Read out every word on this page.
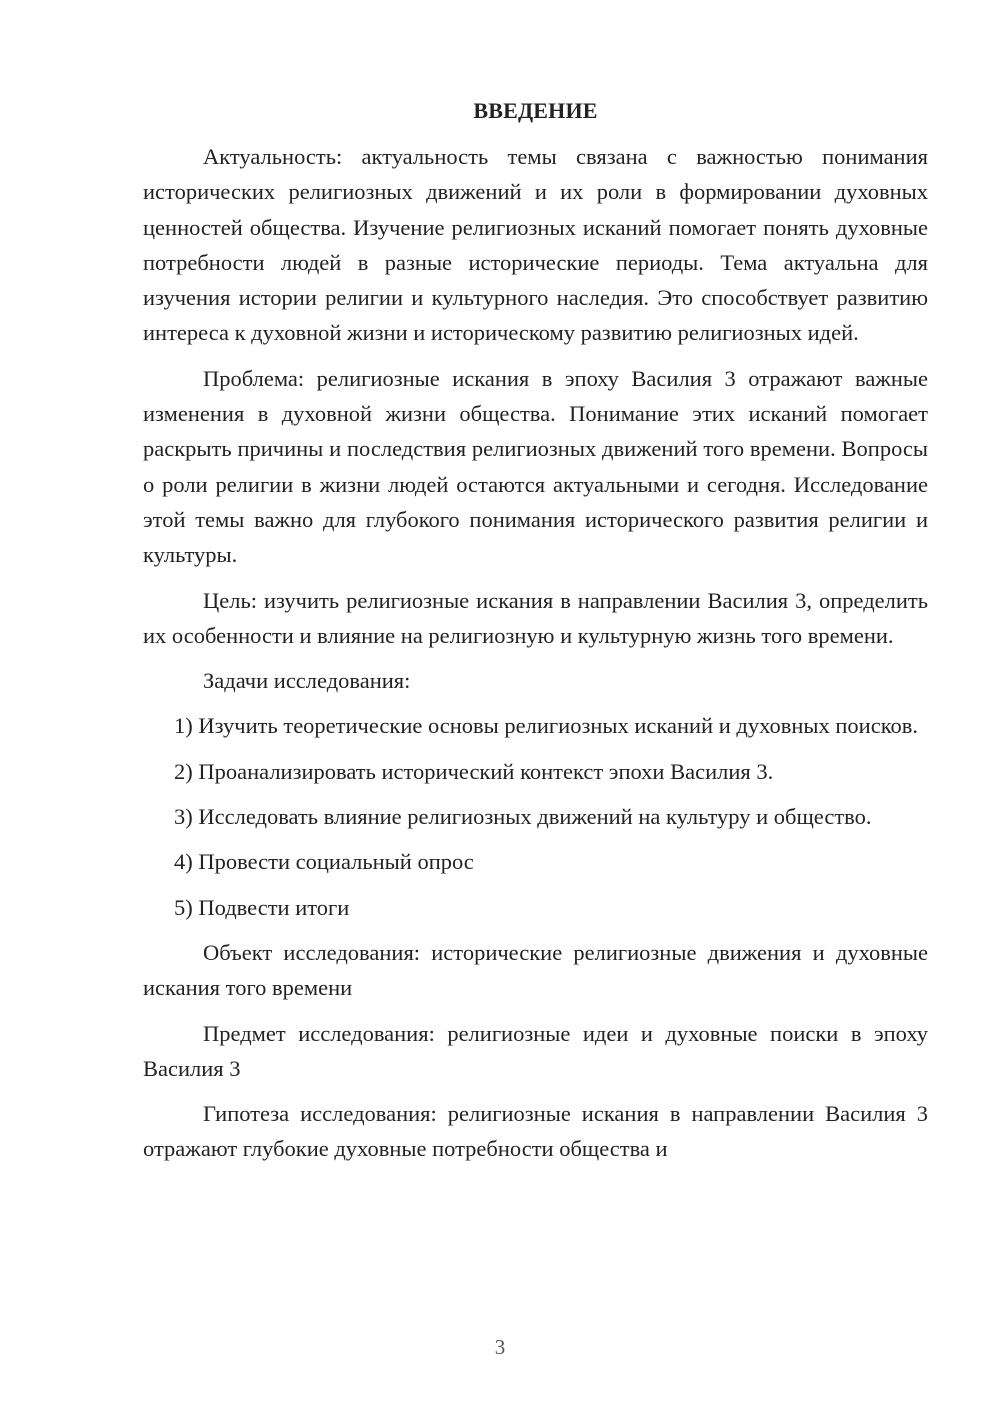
ВВЕДЕНИЕ

Актуальность: актуальность темы связана с важностью понимания исторических религиозных движений и их роли в формировании духовных ценностей общества. Изучение религиозных исканий помогает понять духовные потребности людей в разные исторические периоды. Тема актуальна для изучения истории религии и культурного наследия. Это способствует развитию интереса к духовной жизни и историческому развитию религиозных идей.

Проблема: религиозные искания в эпоху Василия 3 отражают важные изменения в духовной жизни общества. Понимание этих исканий помогает раскрыть причины и последствия религиозных движений того времени. Вопросы о роли религии в жизни людей остаются актуальными и сегодня. Исследование этой темы важно для глубокого понимания исторического развития религии и культуры.

Цель: изучить религиозные искания в направлении Василия 3, определить их особенности и влияние на религиозную и культурную жизнь того времени.

Задачи исследования:

1) Изучить теоретические основы религиозных исканий и духовных поисков.

2) Проанализировать исторический контекст эпохи Василия 3.

3) Исследовать влияние религиозных движений на культуру и общество.

4) Провести социальный опрос

5) Подвести итоги

Объект исследования: исторические религиозные движения и духовные искания того времени

Предмет исследования: религиозные идеи и духовные поиски в эпоху Василия 3

Гипотеза исследования: религиозные искания в направлении Василия 3 отражают глубокие духовные потребности общества и

3
